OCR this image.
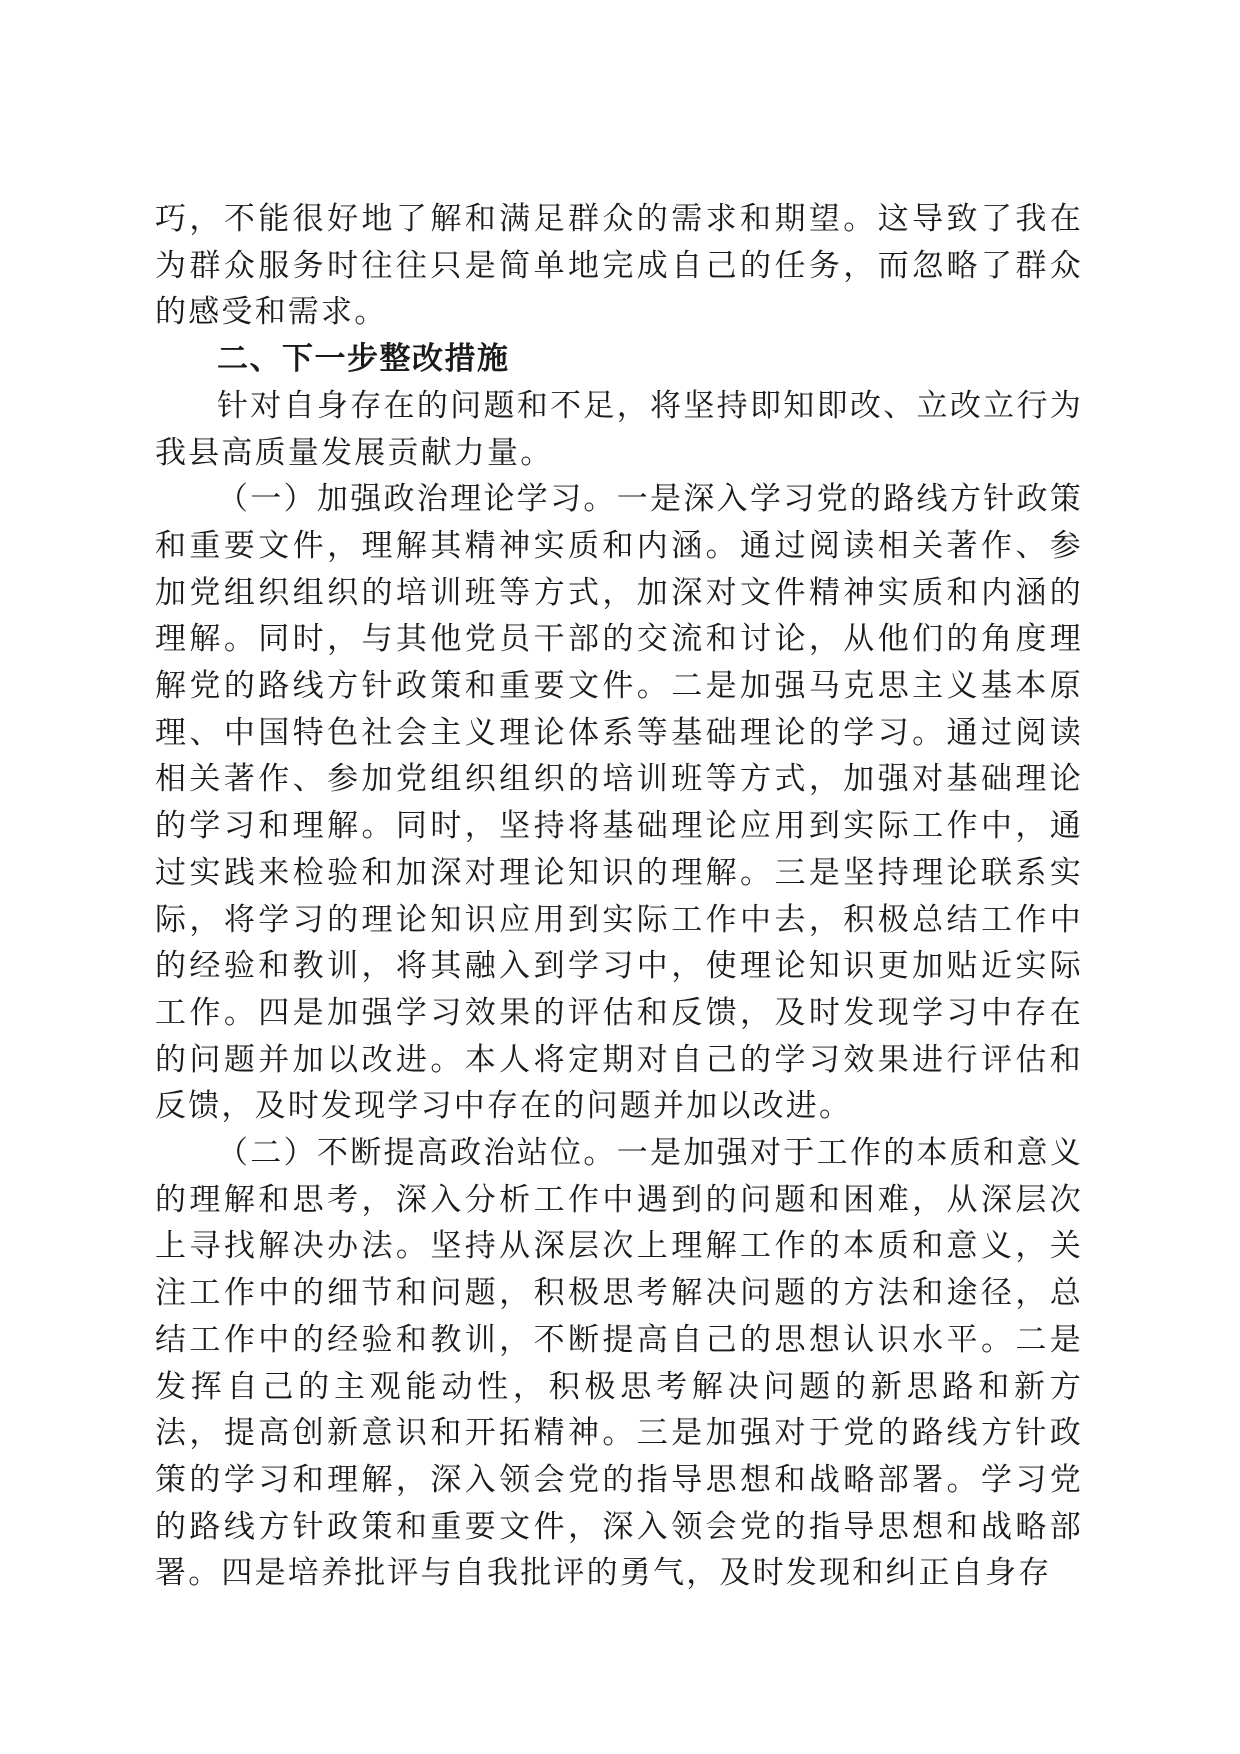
巧，不能很好地了解和满足群众的需求和期望。这导致了我在为群众服务时往往只是简单地完成自己的任务，而忽略了群众的感受和需求。

二、下一步整改措施

针对自身存在的问题和不足，将坚持即知即改、立改立行为我县高质量发展贡献力量。

（一）加强政治理论学习。一是深入学习党的路线方针政策和重要文件，理解其精神实质和内涵。通过阅读相关著作、参加党组织组织的培训班等方式，加深对文件精神实质和内涵的理解。同时，与其他党员干部的交流和讨论，从他们的角度理解党的路线方针政策和重要文件。二是加强马克思主义基本原理、中国特色社会主义理论体系等基础理论的学习。通过阅读相关著作、参加党组织组织的培训班等方式，加强对基础理论的学习和理解。同时，坚持将基础理论应用到实际工作中，通过实践来检验和加深对理论知识的理解。三是坚持理论联系实际，将学习的理论知识应用到实际工作中去，积极总结工作中的经验和教训，将其融入到学习中，使理论知识更加贴近实际工作。四是加强学习效果的评估和反馈，及时发现学习中存在的问题并加以改进。本人将定期对自己的学习效果进行评估和反馈，及时发现学习中存在的问题并加以改进。

（二）不断提高政治站位。一是加强对于工作的本质和意义的理解和思考，深入分析工作中遇到的问题和困难，从深层次上寻找解决办法。坚持从深层次上理解工作的本质和意义，关注工作中的细节和问题，积极思考解决问题的方法和途径，总结工作中的经验和教训，不断提高自己的思想认识水平。二是发挥自己的主观能动性，积极思考解决问题的新思路和新方法，提高创新意识和开拓精神。三是加强对于党的路线方针政策的学习和理解，深入领会党的指导思想和战略部署。学习党的路线方针政策和重要文件，深入领会党的指导思想和战略部署。四是培养批评与自我批评的勇气，及时发现和纠正自身存
